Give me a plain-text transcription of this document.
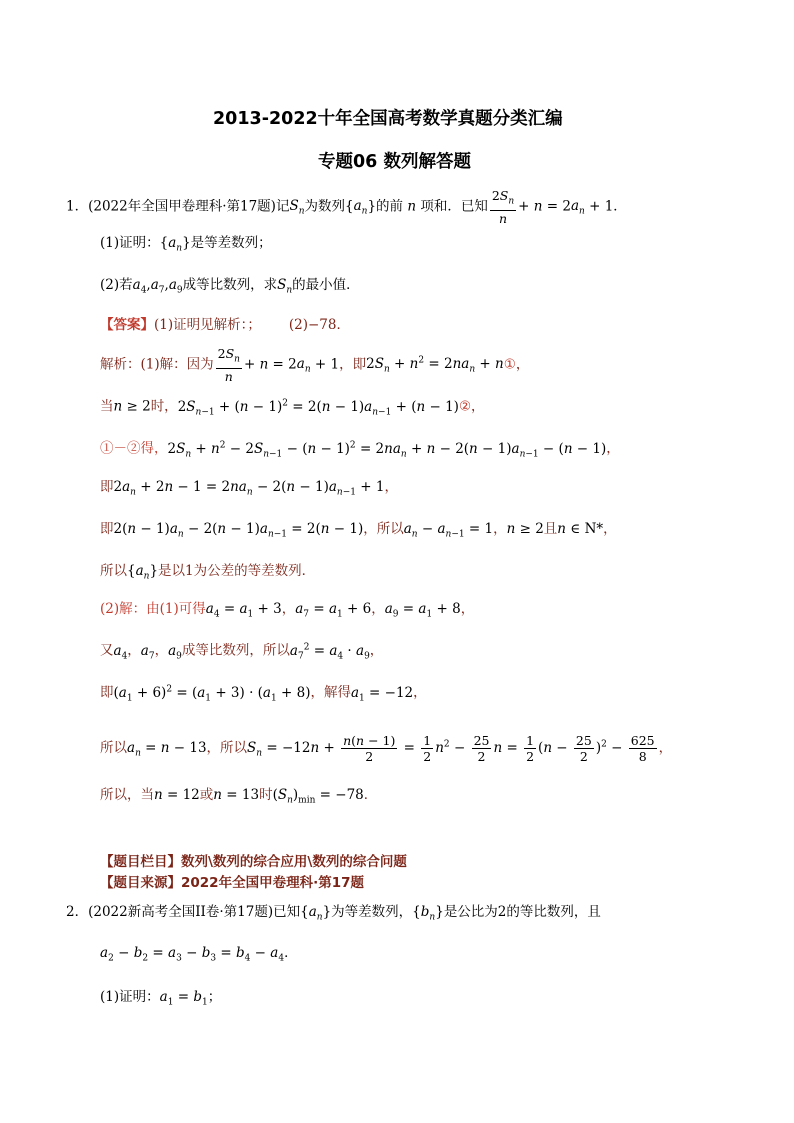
2013-2022十年全国高考数学真题分类汇编
专题06 数列解答题
1．(2022年全国甲卷理科·第17题)记$S_n$为数列$\{a_n\}$的前 n 项和．已知 $\frac{2S_n}{n} + n = 2a_n + 1$．
(1)证明：$\{a_n\}$是等差数列；
(2)若$a_4,a_7,a_9$成等比数列，求$S_n$的最小值．
【答案】(1)证明见解析：； (2)−78．
解析：(1)解：因为 $\frac{2S_n}{n} + n = 2a_n + 1$，即$2S_n + n^2 = 2na_n$ + n①，
当n ≥ 2时，$2S_{n-1} + (n - 1)^2 = 2(n - 1)a_{n-1} + (n$ − 1)②，
①－②得，$2S_n + n^2 - 2S_{n-1} - (n - 1)^2 = 2na_n + n - 2(n - 1)a_{n-1} - (n - 1)$，
即$2a_n + 2n - 1 = 2na_n - 2(n - 1)a_{n-1} + 1$，
即$2(n - 1)a_n - 2(n - 1)a_{n-1} = 2(n - 1)$，所以$a_n - a_{n-1} = 1$，n ≥ 2且n ∈ N*，
所以$\{a_n\}$是以1为公差的等差数列．
(2)解：由(1)可得$a_4 = a_1 + 3$，$a_7 = a_1 + 6$，$a_9 = a_1 + 8$，
又$a_4$，$a_7$，$a_9$成等比数列，所以$a_7^2 = a_4 \cdot a_9$，
即$(a_1 + 6)^2 = (a_1 + 3) \cdot (a_1 + 8)$，解得$a_1 = -12$，
所以$a_n = n - 13$，所以$S_n = -12n + \frac{n(n - 1)}{2} = \frac{1}{2} n^2 - \frac{25}{2}$ $n = \frac{1}{2} (n - \frac{25}{2} )^2 - \frac{625}{8}$ ，
所以，当n = 12或n = 13时$(S_n)_{min} = -78$．
【题目栏目】数列\数列的综合应用\数列的综合问题
【题目来源】2022年全国甲卷理科·第17题
2．(2022新高考全国II卷·第17题)已知$\{a_n\}$为等差数列，$\{b_n\}$是公比为2的等比数列，且
$a_2 - b_2 = a_3 - b_3 = b_4 - a_4$．
(1)证明：$a_1 = b_1$；
